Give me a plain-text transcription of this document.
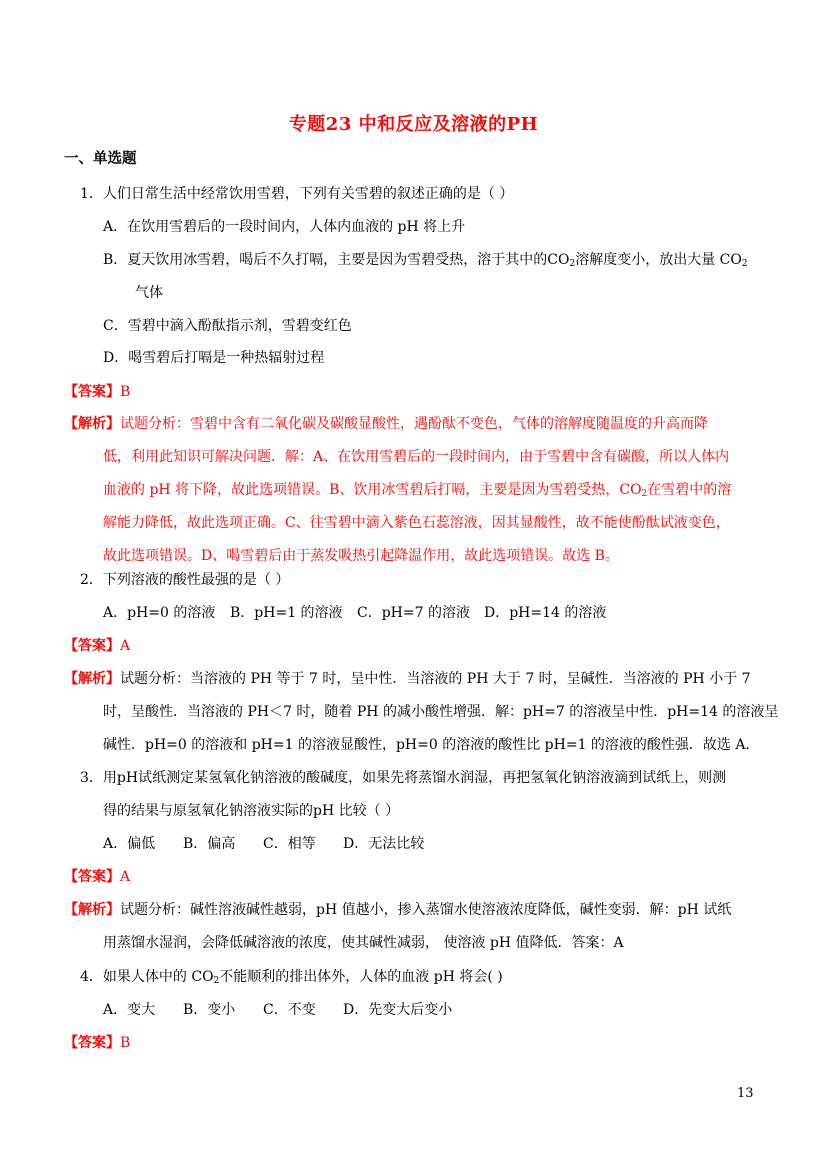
专题23 中和反应及溶液的PH
一、单选题
1．人们日常生活中经常饮用雪碧，下列有关雪碧的叙述正确的是（ ）
A．在饮用雪碧后的一段时间内，人体内血液的 pH 将上升
B．夏天饮用冰雪碧，喝后不久打嗝，主要是因为雪碧受热，溶于其中的$CO_2$溶解度变小，放出大量 $CO_2$
气体
C．雪碧中滴入酚酞指示剂，雪碧变红色
D．喝雪碧后打嗝是一种热辐射过程
【答案】B
【解析】试题分析：雪碧中含有二氧化碳及碳酸显酸性，遇酚酞不变色，气体的溶解度随温度的升高而降
低，利用此知识可解决问题．解：A、在饮用雪碧后的一段时间内，由于雪碧中含有碳酸，所以人体内
血液的 pH 将下降，故此选项错误。B、饮用冰雪碧后打嗝，主要是因为雪碧受热，$CO_2$在雪碧中的溶
解能力降低，故此选项正确。C、往雪碧中滴入紫色石蕊溶液，因其显酸性，故不能使酚酞试液变色，
故此选项错误。D、喝雪碧后由于蒸发吸热引起降温作用，故此选项错误。故选 B。
2．下列溶液的酸性最强的是（ ）
A．pH=0 的溶液 B．pH=1 的溶液 C．pH=7 的溶液 D．pH=14 的溶液
【答案】A
【解析】试题分析：当溶液的 PH 等于 7 时，呈中性．当溶液的 PH 大于 7 时，呈碱性．当溶液的 PH 小于 7
时，呈酸性．当溶液的 PH＜7 时，随着 PH 的减小酸性增强．解：pH=7 的溶液呈中性．pH=14 的溶液呈
碱性．pH=0 的溶液和 pH=1 的溶液显酸性，pH=0 的溶液的酸性比 pH=1 的溶液的酸性强．故选 A．
3．用pH试纸测定某氢氧化钠溶液的酸碱度，如果先将蒸馏水润湿，再把氢氧化钠溶液滴到试纸上，则测
得的结果与原氢氧化钠溶液实际的pH 比较（ ）
A．偏低 B．偏高 C．相等 D．无法比较
【答案】A
【解析】试题分析：碱性溶液碱性越弱，pH 值越小，掺入蒸馏水使溶液浓度降低，碱性变弱．解：pH 试纸
用蒸馏水湿润，会降低碱溶液的浓度，使其碱性减弱， 使溶液 pH 值降低．答案：A
4．如果人体中的 $CO_2$不能顺利的排出体外，人体的血液 pH 将会( )
A．变大 B．变小 C．不变 D．先变大后变小
【答案】B
13
